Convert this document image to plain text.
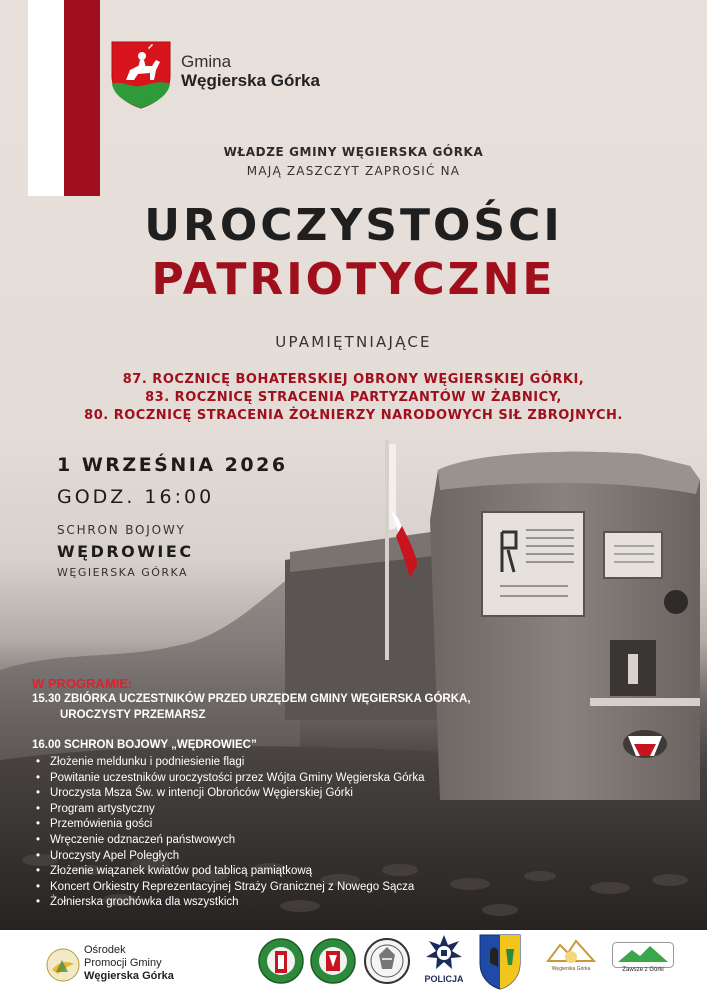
Gmina
Węgierska Górka
WŁADZE GMINY WĘGIERSKA GÓRKA
MAJĄ ZASZCZYT ZAPROSIĆ NA
UROCZYSTOŚCI
PATRIOTYCZNE
UPAMIĘTNIAJĄCE
87. ROCZNICĘ BOHATERSKIEJ OBRONY WĘGIERSKIEJ GÓRKI,
83. ROCZNICĘ STRACENIA PARTYZANTÓW W ŻABNICY,
80. ROCZNICĘ STRACENIA ŻOŁNIERZY NARODOWYCH SIŁ ZBROJNYCH.
1 WRZEŚNIA 2026
GODZ. 16:00
SCHRON BOJOWY
WĘDROWIEC
WĘGIERSKA GÓRKA
W PROGRAMIE:
15.30 ZBIÓRKA UCZESTNIKÓW PRZED URZĘDEM GMINY WĘGIERSKA GÓRKA,
UROCZYSTY PRZEMARSZ
16.00 SCHRON BOJOWY „WĘDROWIEC”
• Złożenie meldunku i podniesienie flagi
• Powitanie uczestników uroczystości przez Wójta Gminy Węgierska Górka
• Uroczysta Msza Św. w intencji Obrońców Węgierskiej Górki
• Program artystyczny
• Przemówienia gości
• Wręczenie odznaczeń państwowych
• Uroczysty Apel Poległych
• Złożenie wiązanek kwiatów pod tablicą pamiątkową
• Koncert Orkiestry Reprezentacyjnej Straży Granicznej z Nowego Sącza
• Żołnierska grochówka dla wszystkich
Ośrodek
Promocji Gminy
Węgierska Górka	POLICJA
Węgierska Górka	Zawsze z Górki
